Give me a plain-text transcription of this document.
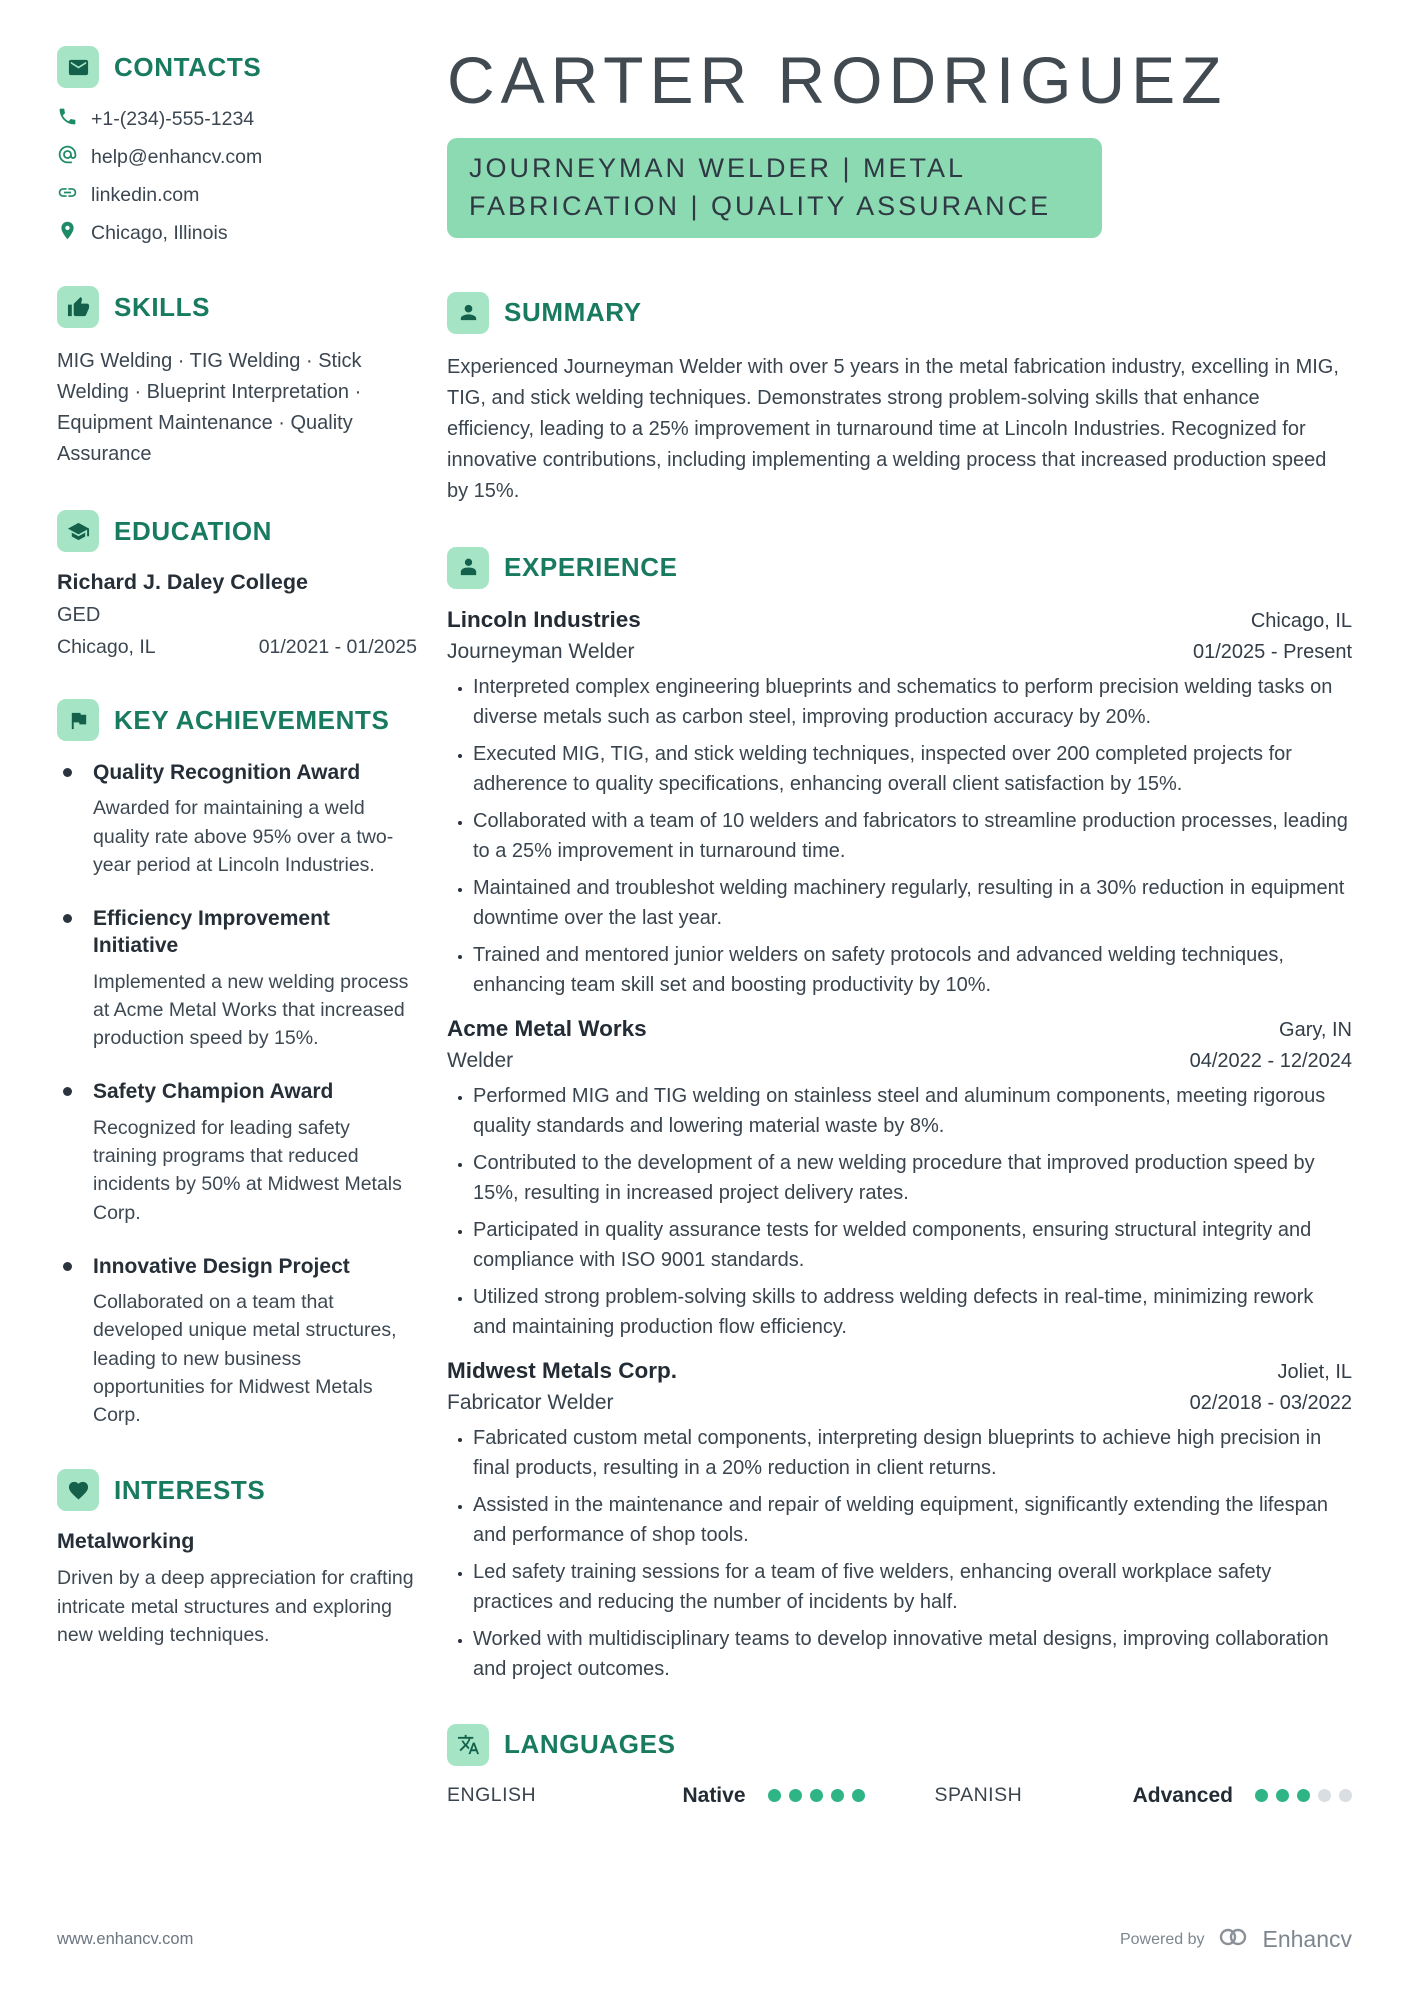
CONTACTS
+1-(234)-555-1234
help@enhancv.com
linkedin.com
Chicago, Illinois
SKILLS

MIG Welding · TIG Welding · Stick Welding · Blueprint Interpretation · Equipment Maintenance · Quality Assurance

EDUCATION
Richard J. Daley College
GED
Chicago, IL	01/2021 - 01/2025
KEY ACHIEVEMENTS
Quality Recognition Award
Awarded for maintaining a weld quality rate above 95% over a two-year period at Lincoln Industries.
Efficiency Improvement Initiative
Implemented a new welding process at Acme Metal Works that increased production speed by 15%.
Safety Champion Award
Recognized for leading safety training programs that reduced incidents by 50% at Midwest Metals Corp.
Innovative Design Project
Collaborated on a team that developed unique metal structures, leading to new business opportunities for Midwest Metals Corp.
INTERESTS
Metalworking
Driven by a deep appreciation for crafting intricate metal structures and exploring new welding techniques.
CARTER RODRIGUEZ
JOURNEYMAN WELDER | METAL FABRICATION | QUALITY ASSURANCE
SUMMARY

Experienced Journeyman Welder with over 5 years in the metal fabrication industry, excelling in MIG, TIG, and stick welding techniques. Demonstrates strong problem-solving skills that enhance efficiency, leading to a 25% improvement in turnaround time at Lincoln Industries. Recognized for innovative contributions, including implementing a welding process that increased production speed by 15%.

EXPERIENCE
Lincoln Industries	Chicago, IL
Journeyman Welder	01/2025 - Present
• Interpreted complex engineering blueprints and schematics to perform precision welding tasks on diverse metals such as carbon steel, improving production accuracy by 20%.
• Executed MIG, TIG, and stick welding techniques, inspected over 200 completed projects for adherence to quality specifications, enhancing overall client satisfaction by 15%.
• Collaborated with a team of 10 welders and fabricators to streamline production processes, leading to a 25% improvement in turnaround time.
• Maintained and troubleshot welding machinery regularly, resulting in a 30% reduction in equipment downtime over the last year.
• Trained and mentored junior welders on safety protocols and advanced welding techniques, enhancing team skill set and boosting productivity by 10%.
Acme Metal Works	Gary, IN
Welder	04/2022 - 12/2024
• Performed MIG and TIG welding on stainless steel and aluminum components, meeting rigorous quality standards and lowering material waste by 8%.
• Contributed to the development of a new welding procedure that improved production speed by 15%, resulting in increased project delivery rates.
• Participated in quality assurance tests for welded components, ensuring structural integrity and compliance with ISO 9001 standards.
• Utilized strong problem-solving skills to address welding defects in real-time, minimizing rework and maintaining production flow efficiency.
Midwest Metals Corp.	Joliet, IL
Fabricator Welder	02/2018 - 03/2022
• Fabricated custom metal components, interpreting design blueprints to achieve high precision in final products, resulting in a 20% reduction in client returns.
• Assisted in the maintenance and repair of welding equipment, significantly extending the lifespan and performance of shop tools.
• Led safety training sessions for a team of five welders, enhancing overall workplace safety practices and reducing the number of incidents by half.
• Worked with multidisciplinary teams to develop innovative metal designs, improving collaboration and project outcomes.
LANGUAGES
ENGLISH	Native	SPANISH	Advanced
www.enhancv.com	Powered by	Enhancv
